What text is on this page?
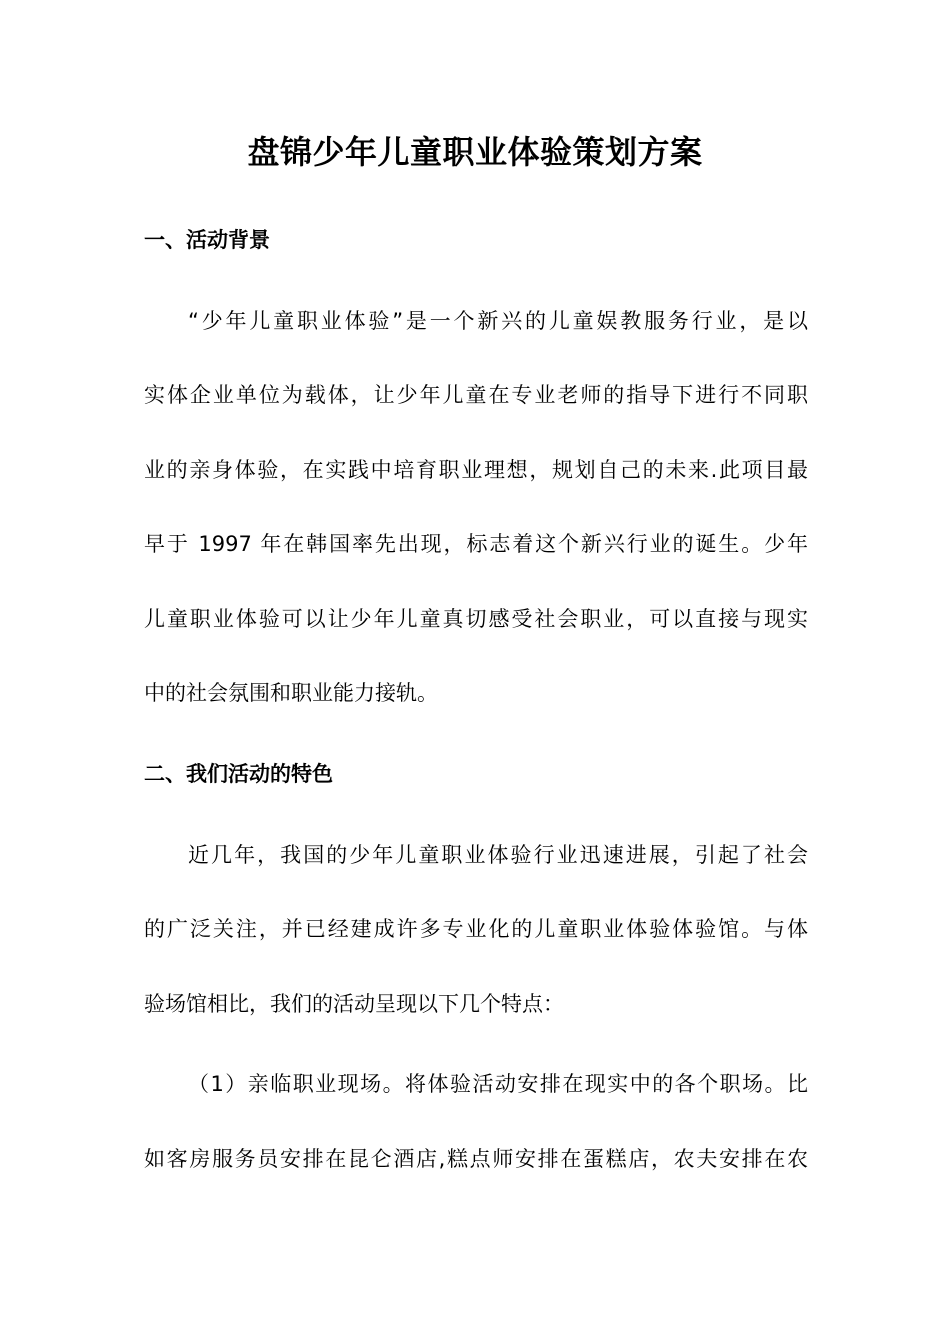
盘锦少年儿童职业体验策划方案
一、活动背景
“少年儿童职业体验”是一个新兴的儿童娱教服务行业，是以
实体企业单位为载体，让少年儿童在专业老师的指导下进行不同职
业的亲身体验，在实践中培育职业理想，规划自己的未来.此项目最
早于 1997 年在韩国率先出现，标志着这个新兴行业的诞生。少年
儿童职业体验可以让少年儿童真切感受社会职业，可以直接与现实
中的社会氛围和职业能力接轨。
二、我们活动的特色
近几年，我国的少年儿童职业体验行业迅速进展，引起了社会
的广泛关注，并已经建成许多专业化的儿童职业体验体验馆。与体
验场馆相比，我们的活动呈现以下几个特点：
（1）亲临职业现场。将体验活动安排在现实中的各个职场。比
如客房服务员安排在昆仑酒店,糕点师安排在蛋糕店，农夫安排在农
